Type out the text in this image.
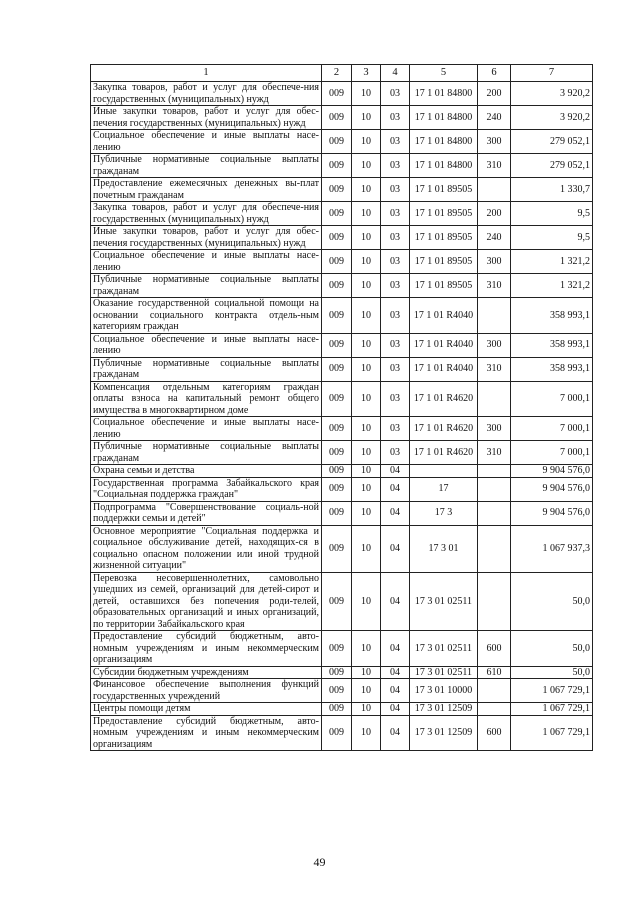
1	2	3	4	5	6	7
Закупка товаров, работ и услуг для обеспече-ния государственных (муниципальных) нужд	009	10	03	17 1 01 84800	200	3 920,2
Иные закупки товаров, работ и услуг для обес-печения государственных (муниципальных) нужд	009	10	03	17 1 01 84800	240	3 920,2
Социальное обеспечение и иные выплаты насе-лению	009	10	03	17 1 01 84800	300	279 052,1
Публичные нормативные социальные выплаты гражданам	009	10	03	17 1 01 84800	310	279 052,1
Предоставление ежемесячных денежных вы-плат почетным гражданам	009	10	03	17 1 01 89505		1 330,7
Закупка товаров, работ и услуг для обеспече-ния государственных (муниципальных) нужд	009	10	03	17 1 01 89505	200	9,5
Иные закупки товаров, работ и услуг для обес-печения государственных (муниципальных) нужд	009	10	03	17 1 01 89505	240	9,5
Социальное обеспечение и иные выплаты насе-лению	009	10	03	17 1 01 89505	300	1 321,2
Публичные нормативные социальные выплаты гражданам	009	10	03	17 1 01 89505	310	1 321,2
Оказание государственной социальной помощи на основании социального контракта отдель-ным категориям граждан	009	10	03	17 1 01 R4040		358 993,1
Социальное обеспечение и иные выплаты насе-лению	009	10	03	17 1 01 R4040	300	358 993,1
Публичные нормативные социальные выплаты гражданам	009	10	03	17 1 01 R4040	310	358 993,1
Компенсация отдельным категориям граждан оплаты взноса на капитальный ремонт общего имущества в многоквартирном доме	009	10	03	17 1 01 R4620		7 000,1
Социальное обеспечение и иные выплаты насе-лению	009	10	03	17 1 01 R4620	300	7 000,1
Публичные нормативные социальные выплаты гражданам	009	10	03	17 1 01 R4620	310	7 000,1
Охрана семьи и детства	009	10	04			9 904 576,0
Государственная программа Забайкальского края "Социальная поддержка граждан"	009	10	04	17		9 904 576,0
Подпрограмма "Совершенствование социаль-ной поддержки семьи и детей"	009	10	04	17 3		9 904 576,0
Основное мероприятие "Социальная поддержка и социальное обслуживание детей, находящих-ся в социально опасном положении или иной трудной жизненной ситуации"	009	10	04	17 3 01		1 067 937,3
Перевозка несовершеннолетних, самовольно ушедших из семей, организаций для детей-сирот и детей, оставшихся без попечения роди-телей, образовательных организаций и иных организаций, по территории Забайкальского края	009	10	04	17 3 01 02511		50,0
Предоставление субсидий бюджетным, авто-номным учреждениям и иным некоммерческим организациям	009	10	04	17 3 01 02511	600	50,0
Субсидии бюджетным учреждениям	009	10	04	17 3 01 02511	610	50,0
Финансовое обеспечение выполнения функций государственных учреждений	009	10	04	17 3 01 10000		1 067 729,1
Центры помощи детям	009	10	04	17 3 01 12509		1 067 729,1
Предоставление субсидий бюджетным, авто-номным учреждениям и иным некоммерческим организациям	009	10	04	17 3 01 12509	600	1 067 729,1
49
